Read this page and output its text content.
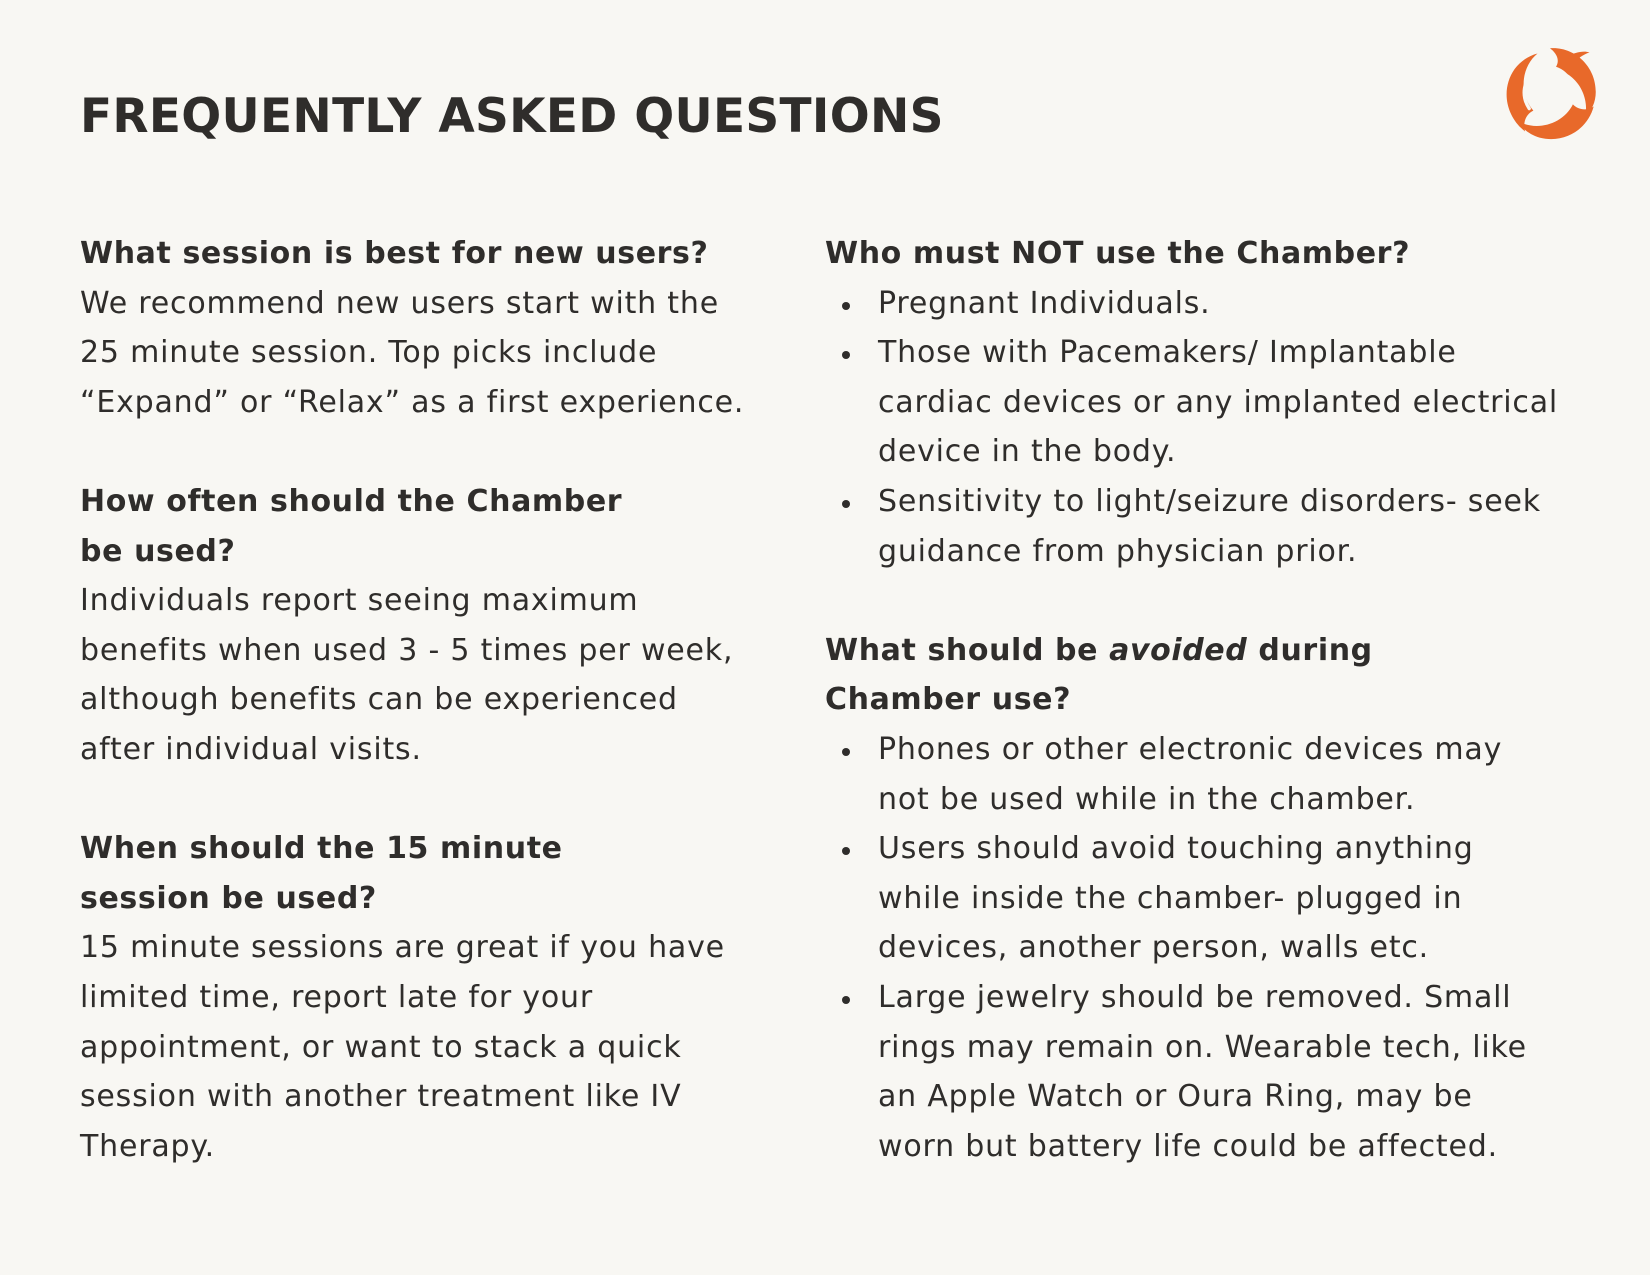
FREQUENTLY ASKED QUESTIONS

What session is best for new users?

We recommend new users start with the
25 minute session. Top picks include
“Expand” or “Relax” as a first experience.

How often should the Chamber
be used?

Individuals report seeing maximum
benefits when used 3 - 5 times per week,
although benefits can be experienced
after individual visits.

When should the 15 minute
session be used?

15 minute sessions are great if you have
limited time, report late for your
appointment, or want to stack a quick
session with another treatment like IV
Therapy.

Who must NOT use the Chamber?

Pregnant Individuals.
Those with Pacemakers/ Implantable
cardiac devices or any implanted electrical
device in the body.
Sensitivity to light/seizure disorders- seek
guidance from physician prior.

What should be avoided during
Chamber use?

Phones or other electronic devices may
not be used while in the chamber.
Users should avoid touching anything
while inside the chamber- plugged in
devices, another person, walls etc.
Large jewelry should be removed. Small
rings may remain on. Wearable tech, like
an Apple Watch or Oura Ring, may be
worn but battery life could be affected.
